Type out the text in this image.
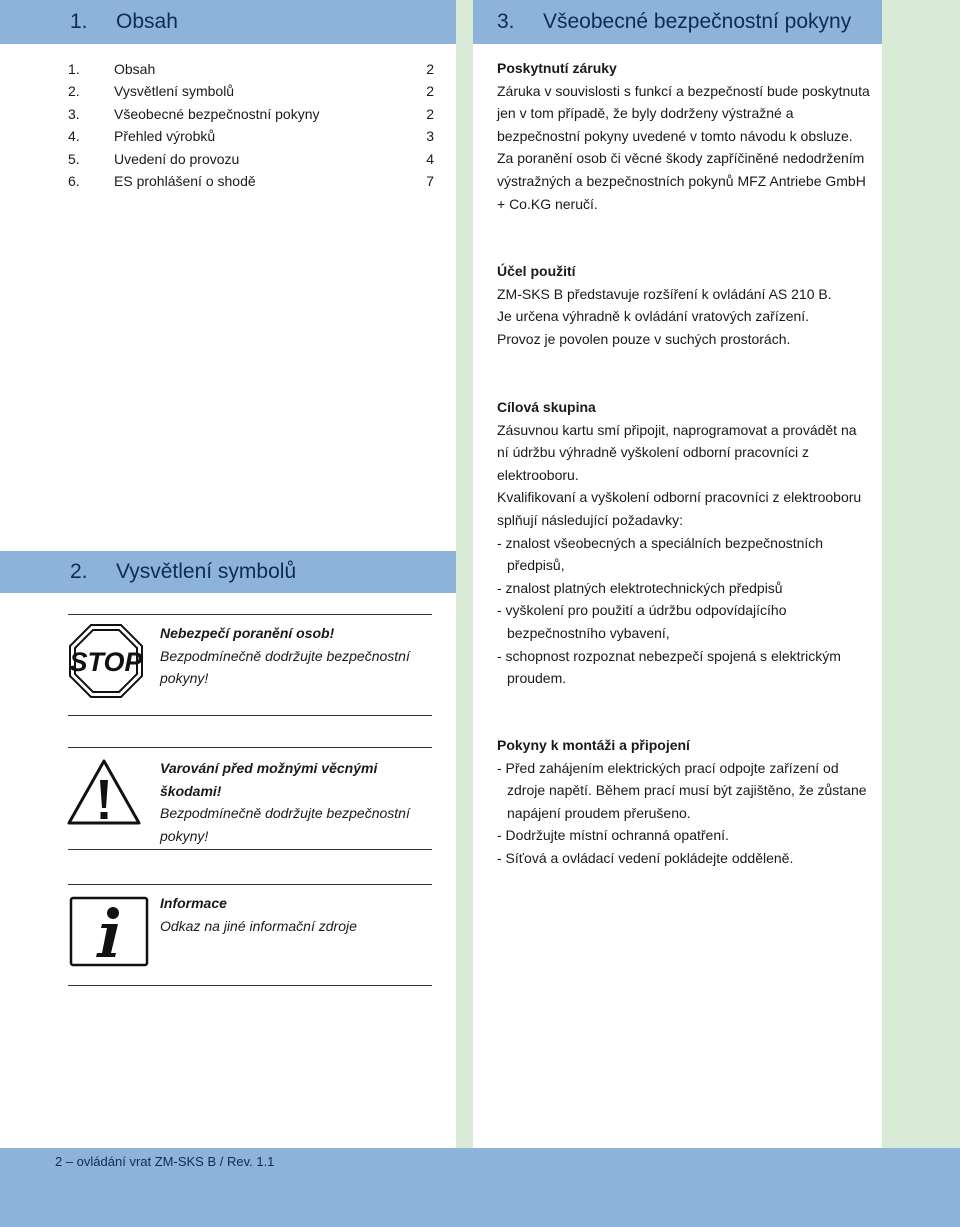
1. Obsah	3. Všeobecné bezpečnostní pokyny
1.	Obsah	2
2.	Vysvětlení symbolů	2
3.	Všeobecné bezpečnostní pokyny	2
4.	Přehled výrobků	3
5.	Uvedení do provozu	4
6.	ES prohlášení o shodě	7
Poskytnutí záruky

Záruka v souvislosti s funkcí a bezpečností bude poskytnuta jen v tom případě, že byly dodrženy výstražné a bezpečnostní pokyny uvedené v tomto návodu k obsluze.

Za poranění osob či věcné škody zapříčiněné nedodržením výstražných a bezpečnostních pokynů MFZ Antriebe GmbH + Co.KG neručí.

Účel použití

ZM-SKS B představuje rozšíření k ovládání AS 210 B.

Je určena výhradně k ovládání vratových zařízení.

Provoz je povolen pouze v suchých prostorách.

Cílová skupina

Zásuvnou kartu smí připojit, naprogramovat a provádět na ní údržbu výhradně vyškolení odborní pracovníci z elektrooboru.

Kvalifikovaní a vyškolení odborní pracovníci z elektrooboru splňují následující požadavky:

- znalost všeobecných a speciálních bezpečnostních předpisů,
- znalost platných elektrotechnických předpisů
- vyškolení pro použití a údržbu odpovídajícího bezpečnostního vybavení,
- schopnost rozpoznat nebezpečí spojená s elektrickým proudem.
Pokyny k montáži a připojení
- Před zahájením elektrických prací odpojte zařízení od zdroje napětí. Během prací musí být zajištěno, že zůstane napájení proudem přerušeno.
- Dodržujte místní ochranná opatření.
- Síťová a ovládací vedení pokládejte odděleně.
2. Vysvětlení symbolů
STOP
Nebezpečí poranění osob!
Bezpodmínečně dodržujte bezpečnostní pokyny!
Varování před možnými věcnými škodami!
Bezpodmínečně dodržujte bezpečnostní pokyny!
Informace
Odkaz na jiné informační zdroje
2 – ovládání vrat ZM-SKS B / Rev. 1.1
